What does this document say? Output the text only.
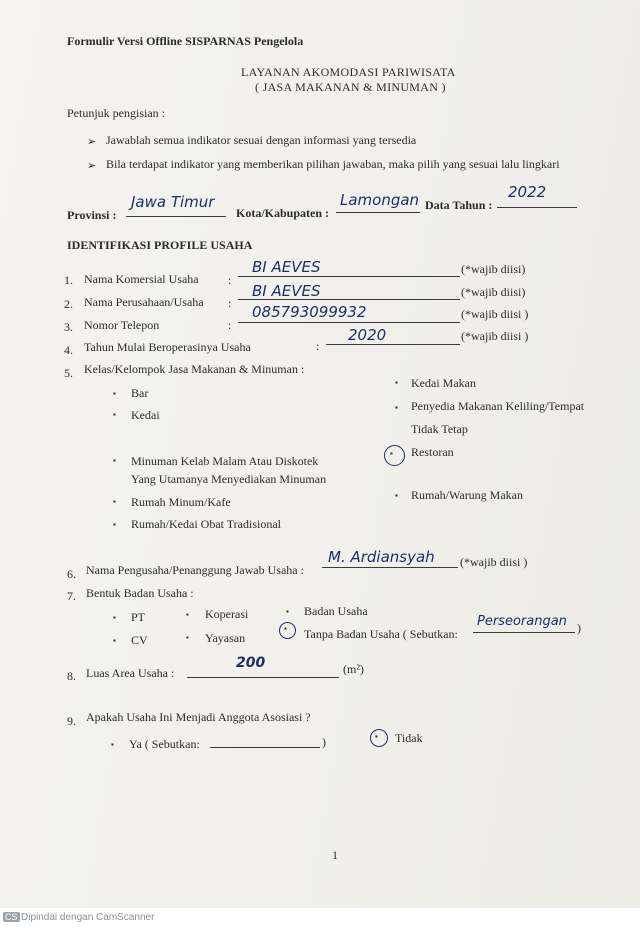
Formulir Versi Offline SISPARNAS Pengelola
LAYANAN AKOMODASI PARIWISATA
( JASA MAKANAN & MINUMAN )
Petunjuk pengisian :
➢ Jawablah semua indikator sesuai dengan informasi yang tersedia
➢ Bila terdapat indikator yang memberikan pilihan jawaban, maka pilih yang sesuai lalu lingkari
Provinsi :
Jawa Timur
Kota/Kabupaten :
Lamongan Data Tahun :
2022
IDENTIFIKASI PROFILE USAHA
1. Nama Komersial Usaha :
BI AEVES	(*wajib diisi)
2. Nama Perusahaan/Usaha :
BI AEVES	(*wajib diisi)
3. Nomor Telepon	:
085793099932	(*wajib diisi )
4. Tahun Mulai Beroperasinya Usaha	:
2020	(*wajib diisi )
5. Kelas/Kelompok Jasa Makanan & Minuman :
▪ Bar
▪ Kedai
▪ Minuman Kelab Malam Atau Diskotek
Yang Utamanya Menyediakan Minuman
▪ Rumah Minum/Kafe
▪ Rumah/Kedai Obat Tradisional
▪ Kedai Makan
▪ Penyedia Makanan Keliling/Tempat
Tidak Tetap
▪ Restoran
▪ Rumah/Warung Makan
6. Nama Pengusaha/Penanggung Jawab Usaha :
M. Ardiansyah (*wajib diisi )
7. Bentuk Badan Usaha :
▪ PT	▪ Koperasi	▪ Badan Usaha
▪ CV	▪ Yayasan
▪ Tanpa Badan Usaha ( Sebutkan:
Perseorangan )
8. Luas Area Usaha :
200	(m²)
9. Apakah Usaha Ini Menjadi Anggota Asosiasi ?
▪ Ya ( Sebutkan:	)	▪ Tidak
1
CS Dipindai dengan CamScanner
